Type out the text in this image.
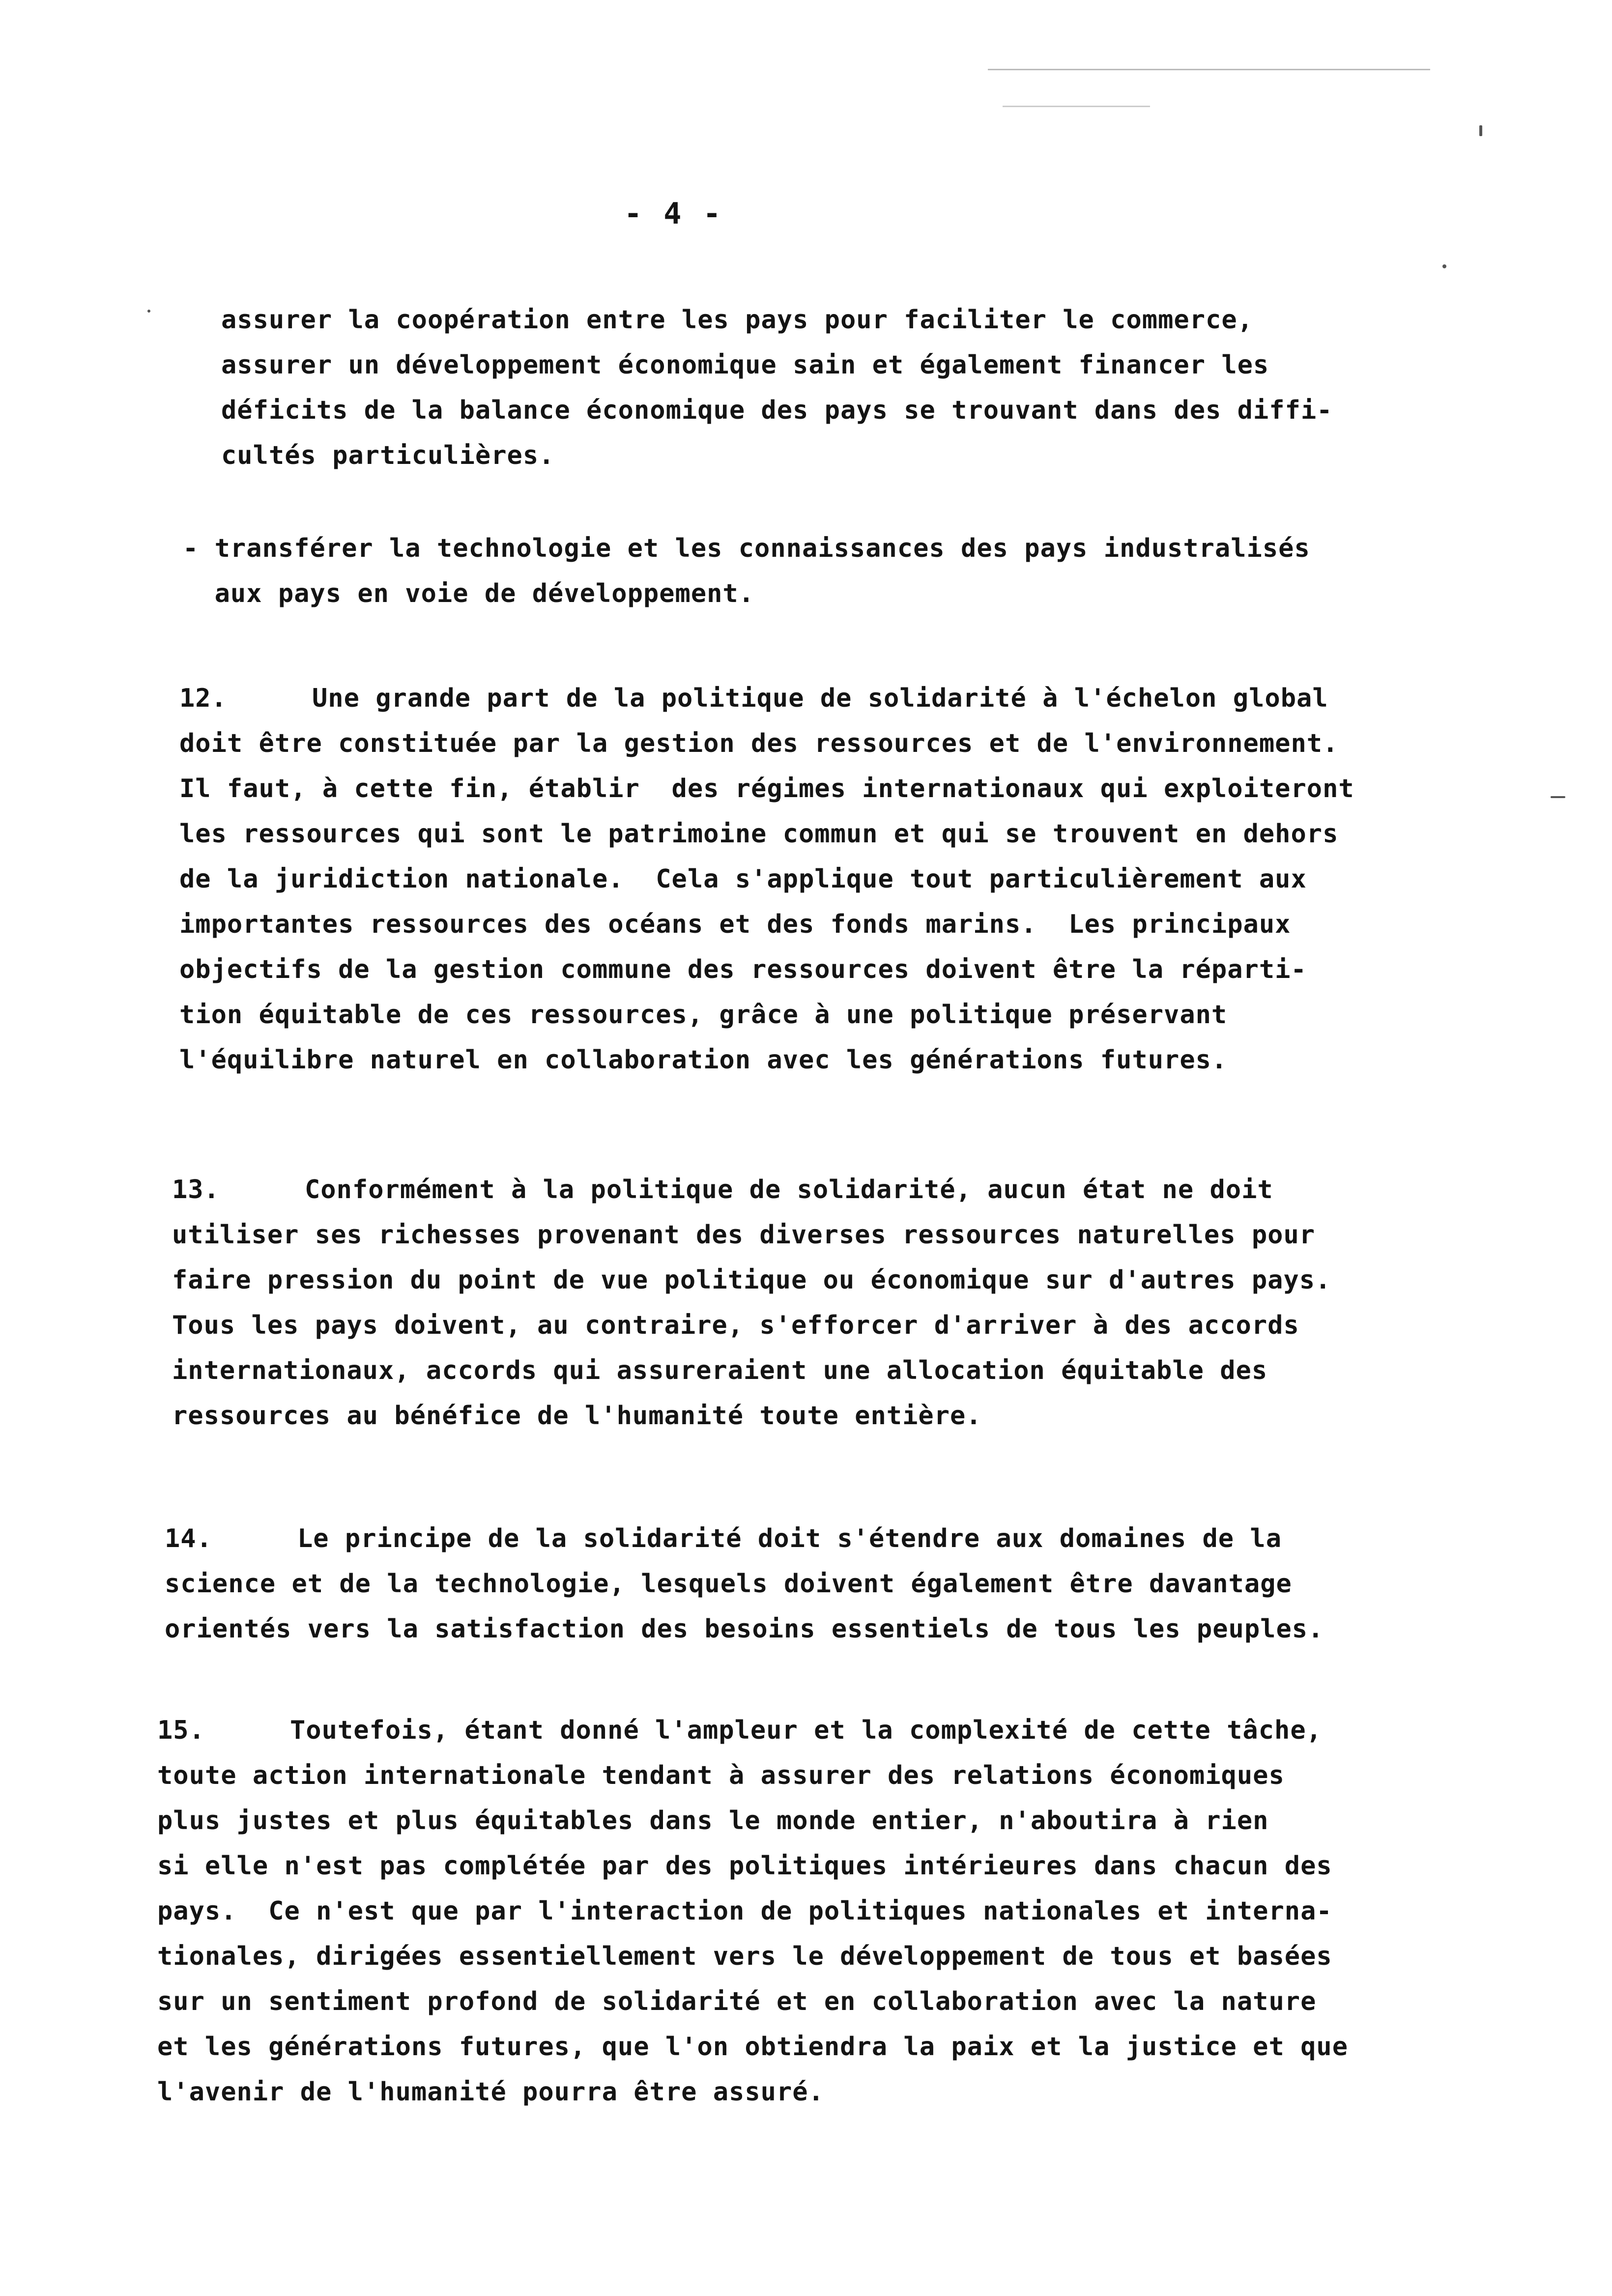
- 4 -
assurer la coopération entre les pays pour faciliter le commerce,
assurer un développement économique sain et également financer les
déficits de la balance économique des pays se trouvant dans des diffi-
cultés particulières.
- transférer la technologie et les connaissances des pays industralisés
aux pays en voie de développement.
12.	Une grande part de la politique de solidarité à l'échelon global
doit être constituée par la gestion des ressources et de l'environnement.
Il faut, à cette fin, établir  des régimes internationaux qui exploiteront
les ressources qui sont le patrimoine commun et qui se trouvent en dehors
de la juridiction nationale.  Cela s'applique tout particulièrement aux
importantes ressources des océans et des fonds marins.  Les principaux
objectifs de la gestion commune des ressources doivent être la réparti-
tion équitable de ces ressources, grâce à une politique préservant
l'équilibre naturel en collaboration avec les générations futures.
13.	Conformément à la politique de solidarité, aucun état ne doit
utiliser ses richesses provenant des diverses ressources naturelles pour
faire pression du point de vue politique ou économique sur d'autres pays.
Tous les pays doivent, au contraire, s'efforcer d'arriver à des accords
internationaux, accords qui assureraient une allocation équitable des
ressources au bénéfice de l'humanité toute entière.
14.	Le principe de la solidarité doit s'étendre aux domaines de la
science et de la technologie, lesquels doivent également être davantage
orientés vers la satisfaction des besoins essentiels de tous les peuples.
15.	Toutefois, étant donné l'ampleur et la complexité de cette tâche,
toute action internationale tendant à assurer des relations économiques
plus justes et plus équitables dans le monde entier, n'aboutira à rien
si elle n'est pas complétée par des politiques intérieures dans chacun des
pays.  Ce n'est que par l'interaction de politiques nationales et interna-
tionales, dirigées essentiellement vers le développement de tous et basées
sur un sentiment profond de solidarité et en collaboration avec la nature
et les générations futures, que l'on obtiendra la paix et la justice et que
l'avenir de l'humanité pourra être assuré.
